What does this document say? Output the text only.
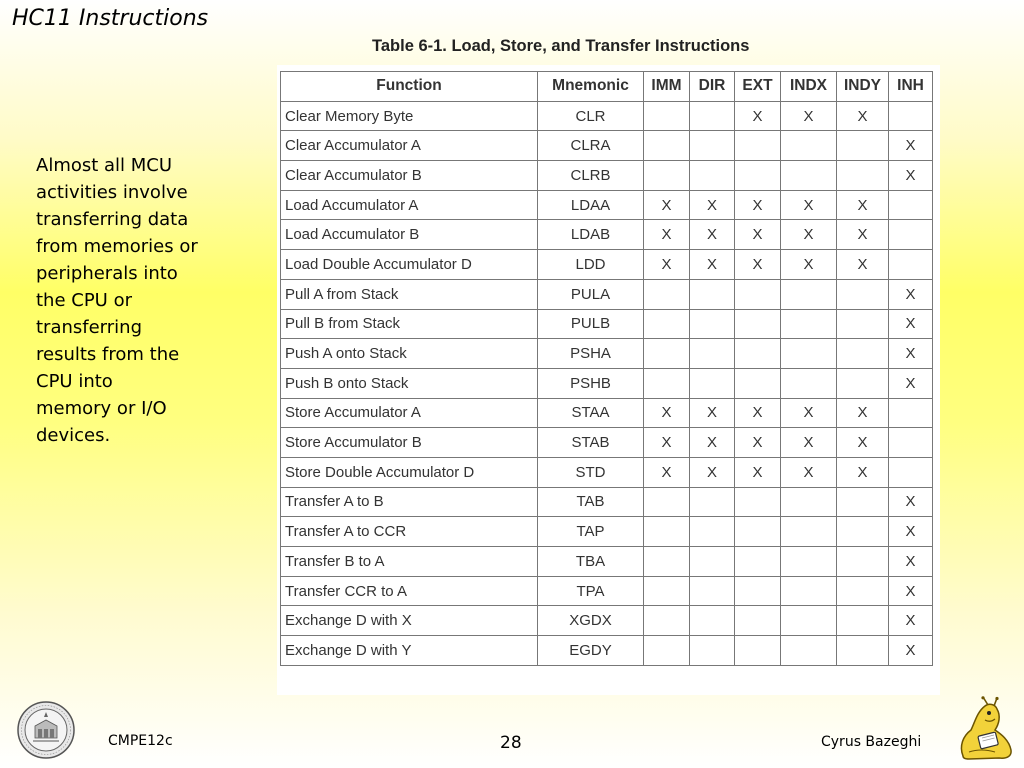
HC11 Instructions
Table 6-1. Load, Store, and Transfer Instructions
Function	Mnemonic	IMM	DIR	EXT	INDX	INDY	INH
Clear Memory Byte	CLR			X	X	X	
Clear Accumulator A	CLRA						X
Clear Accumulator B	CLRB						X
Load Accumulator A	LDAA	X	X	X	X	X	
Load Accumulator B	LDAB	X	X	X	X	X	
Load Double Accumulator D	LDD	X	X	X	X	X	
Pull A from Stack	PULA						X
Pull B from Stack	PULB						X
Push A onto Stack	PSHA						X
Push B onto Stack	PSHB						X
Store Accumulator A	STAA	X	X	X	X	X	
Store Accumulator B	STAB	X	X	X	X	X	
Store Double Accumulator D	STD	X	X	X	X	X	
Transfer A to B	TAB						X
Transfer A to CCR	TAP						X
Transfer B to A	TBA						X
Transfer CCR to A	TPA						X
Exchange D with X	XGDX						X
Exchange D with Y	EGDY						X

Almost all MCU
activities involve
transferring data
from memories or
peripherals into
the CPU or
transferring
results from the
CPU into
memory or I/O
devices.

CMPE12c	28	Cyrus Bazeghi
